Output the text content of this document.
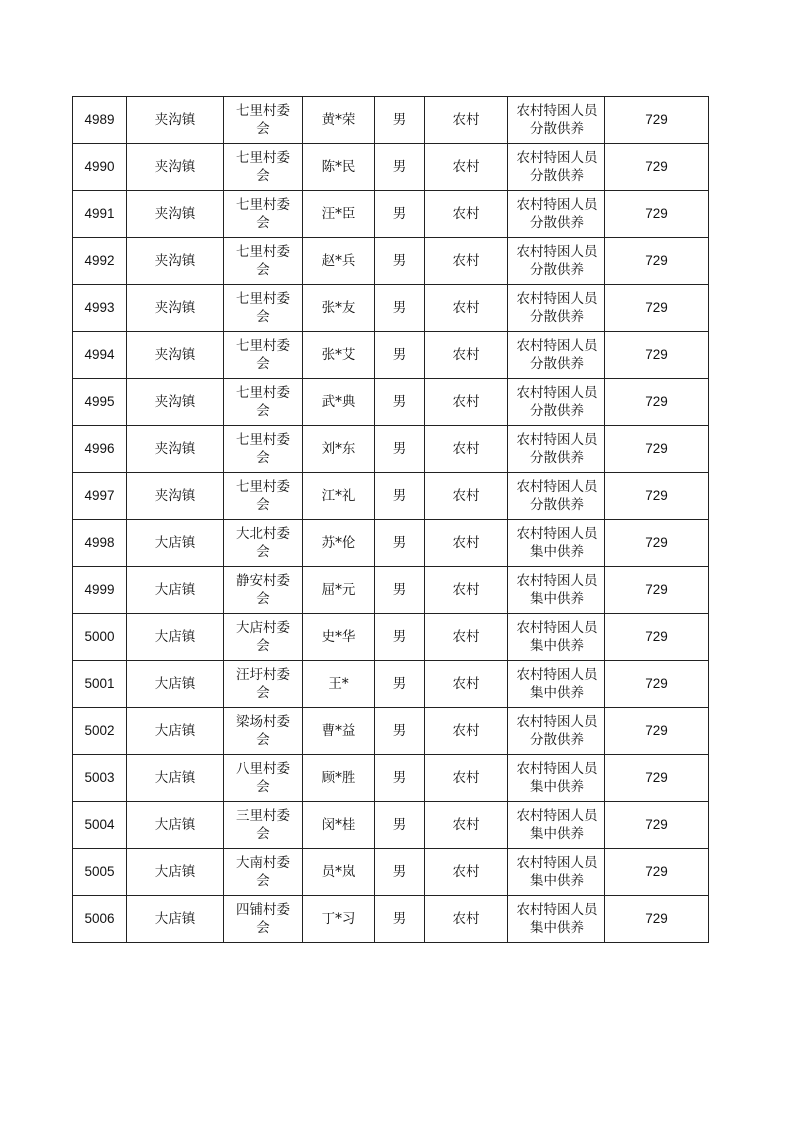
4989	夹沟镇	七里村委会	黄*荣	男	农村	农村特困人员分散供养	729
4990	夹沟镇	七里村委会	陈*民	男	农村	农村特困人员分散供养	729
4991	夹沟镇	七里村委会	汪*臣	男	农村	农村特困人员分散供养	729
4992	夹沟镇	七里村委会	赵*兵	男	农村	农村特困人员分散供养	729
4993	夹沟镇	七里村委会	张*友	男	农村	农村特困人员分散供养	729
4994	夹沟镇	七里村委会	张*艾	男	农村	农村特困人员分散供养	729
4995	夹沟镇	七里村委会	武*典	男	农村	农村特困人员分散供养	729
4996	夹沟镇	七里村委会	刘*东	男	农村	农村特困人员分散供养	729
4997	夹沟镇	七里村委会	江*礼	男	农村	农村特困人员分散供养	729
4998	大店镇	大北村委会	苏*伦	男	农村	农村特困人员集中供养	729
4999	大店镇	静安村委会	屈*元	男	农村	农村特困人员集中供养	729
5000	大店镇	大店村委会	史*华	男	农村	农村特困人员集中供养	729
5001	大店镇	汪圩村委会	王*	男	农村	农村特困人员集中供养	729
5002	大店镇	梁场村委会	曹*益	男	农村	农村特困人员分散供养	729
5003	大店镇	八里村委会	顾*胜	男	农村	农村特困人员集中供养	729
5004	大店镇	三里村委会	闵*桂	男	农村	农村特困人员集中供养	729
5005	大店镇	大南村委会	员*岚	男	农村	农村特困人员集中供养	729
5006	大店镇	四铺村委会	丁*习	男	农村	农村特困人员集中供养	729
